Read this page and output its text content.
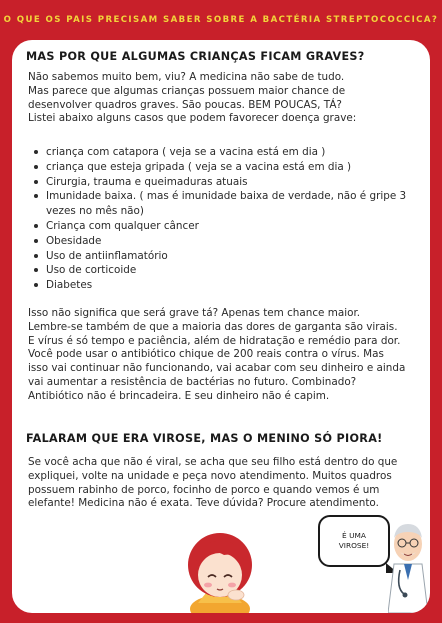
O QUE OS PAIS PRECISAM SABER SOBRE A BACTÉRIA STREPTOCOCCICA?
MAS POR QUE ALGUMAS CRIANÇAS FICAM GRAVES?
Não sabemos muito bem, viu? A medicina não sabe de tudo.
Mas parece que algumas crianças possuem maior chance de
desenvolver quadros graves. São poucas. BEM POUCAS, TÁ?
Listei abaixo alguns casos que podem favorecer doença grave:
criança com catapora ( veja se a vacina está em dia )
criança que esteja gripada ( veja se a vacina está em dia )
Cirurgia, trauma e queimaduras atuais
Imunidade baixa. ( mas é imunidade baixa de verdade, não é gripe 3 vezes no mês não)
Criança com qualquer câncer
Obesidade
Uso de antiinflamatório
Uso de corticoide
Diabetes
Isso não significa que será grave tá? Apenas tem chance maior.
Lembre-se também de que a maioria das dores de garganta são virais.
E vírus é só tempo e paciência, além de hidratação e remédio para dor.
Você pode usar o antibiótico chique de 200 reais contra o vírus. Mas
isso vai continuar não funcionando, vai acabar com seu dinheiro e ainda
vai aumentar a resistência de bactérias no futuro. Combinado?
Antibiótico não é brincadeira. E seu dinheiro não é capim.
FALARAM QUE ERA VIROSE, MAS O MENINO SÓ PIORA!
Se você acha que não é viral, se acha que seu filho está dentro do que
expliquei, volte na unidade e peça novo atendimento. Muitos quadros
possuem rabinho de porco, focinho de porco e quando vemos é um
elefante! Medicina não é exata. Teve dúvida? Procure atendimento.
É UMA
VIROSE!
